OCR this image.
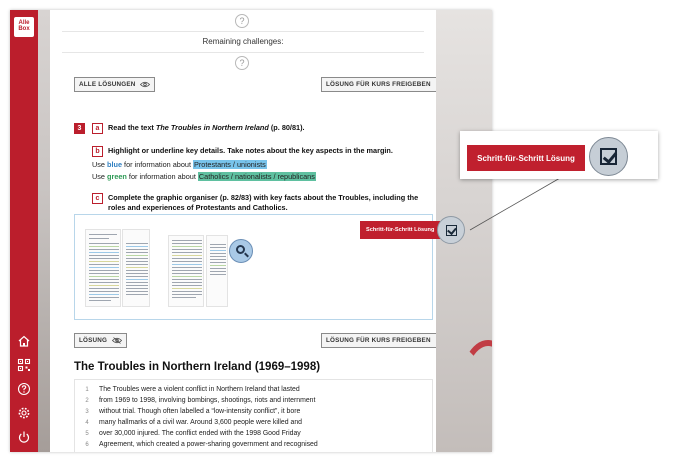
Alle
Box
?
Remaining challenges:
?
ALLE LÖSUNGEN	LÖSUNG FÜR KURS FREIGEBEN
3	a	Read the text The Troubles in Northern Ireland (p. 80/81).
b	Highlight or underline key details. Take notes about the key aspects in the margin.
Use blue for information about Protestants / unionists
Use green for information about Catholics / nationalists / republicans
c	Complete the graphic organiser (p. 82/83) with key facts about the Troubles, including the roles and experiences of Protestants and Catholics.
LÖSUNG	LÖSUNG FÜR KURS FREIGEBEN
The Troubles in Northern Ireland (1969–1998)
1 The Troubles were a violent conflict in Northern Ireland that lasted
2 from 1969 to 1998, involving bombings, shootings, riots and internment
3 without trial. Though often labelled a “low-intensity conflict”, it bore
4 many hallmarks of a civil war. Around 3,600 people were killed and
5 over 30,000 injured. The conflict ended with the 1998 Good Friday
6 Agreement, which created a power-sharing government and recognised
Schritt-für-Schritt Lösung
Schritt-für-Schritt Lösung
